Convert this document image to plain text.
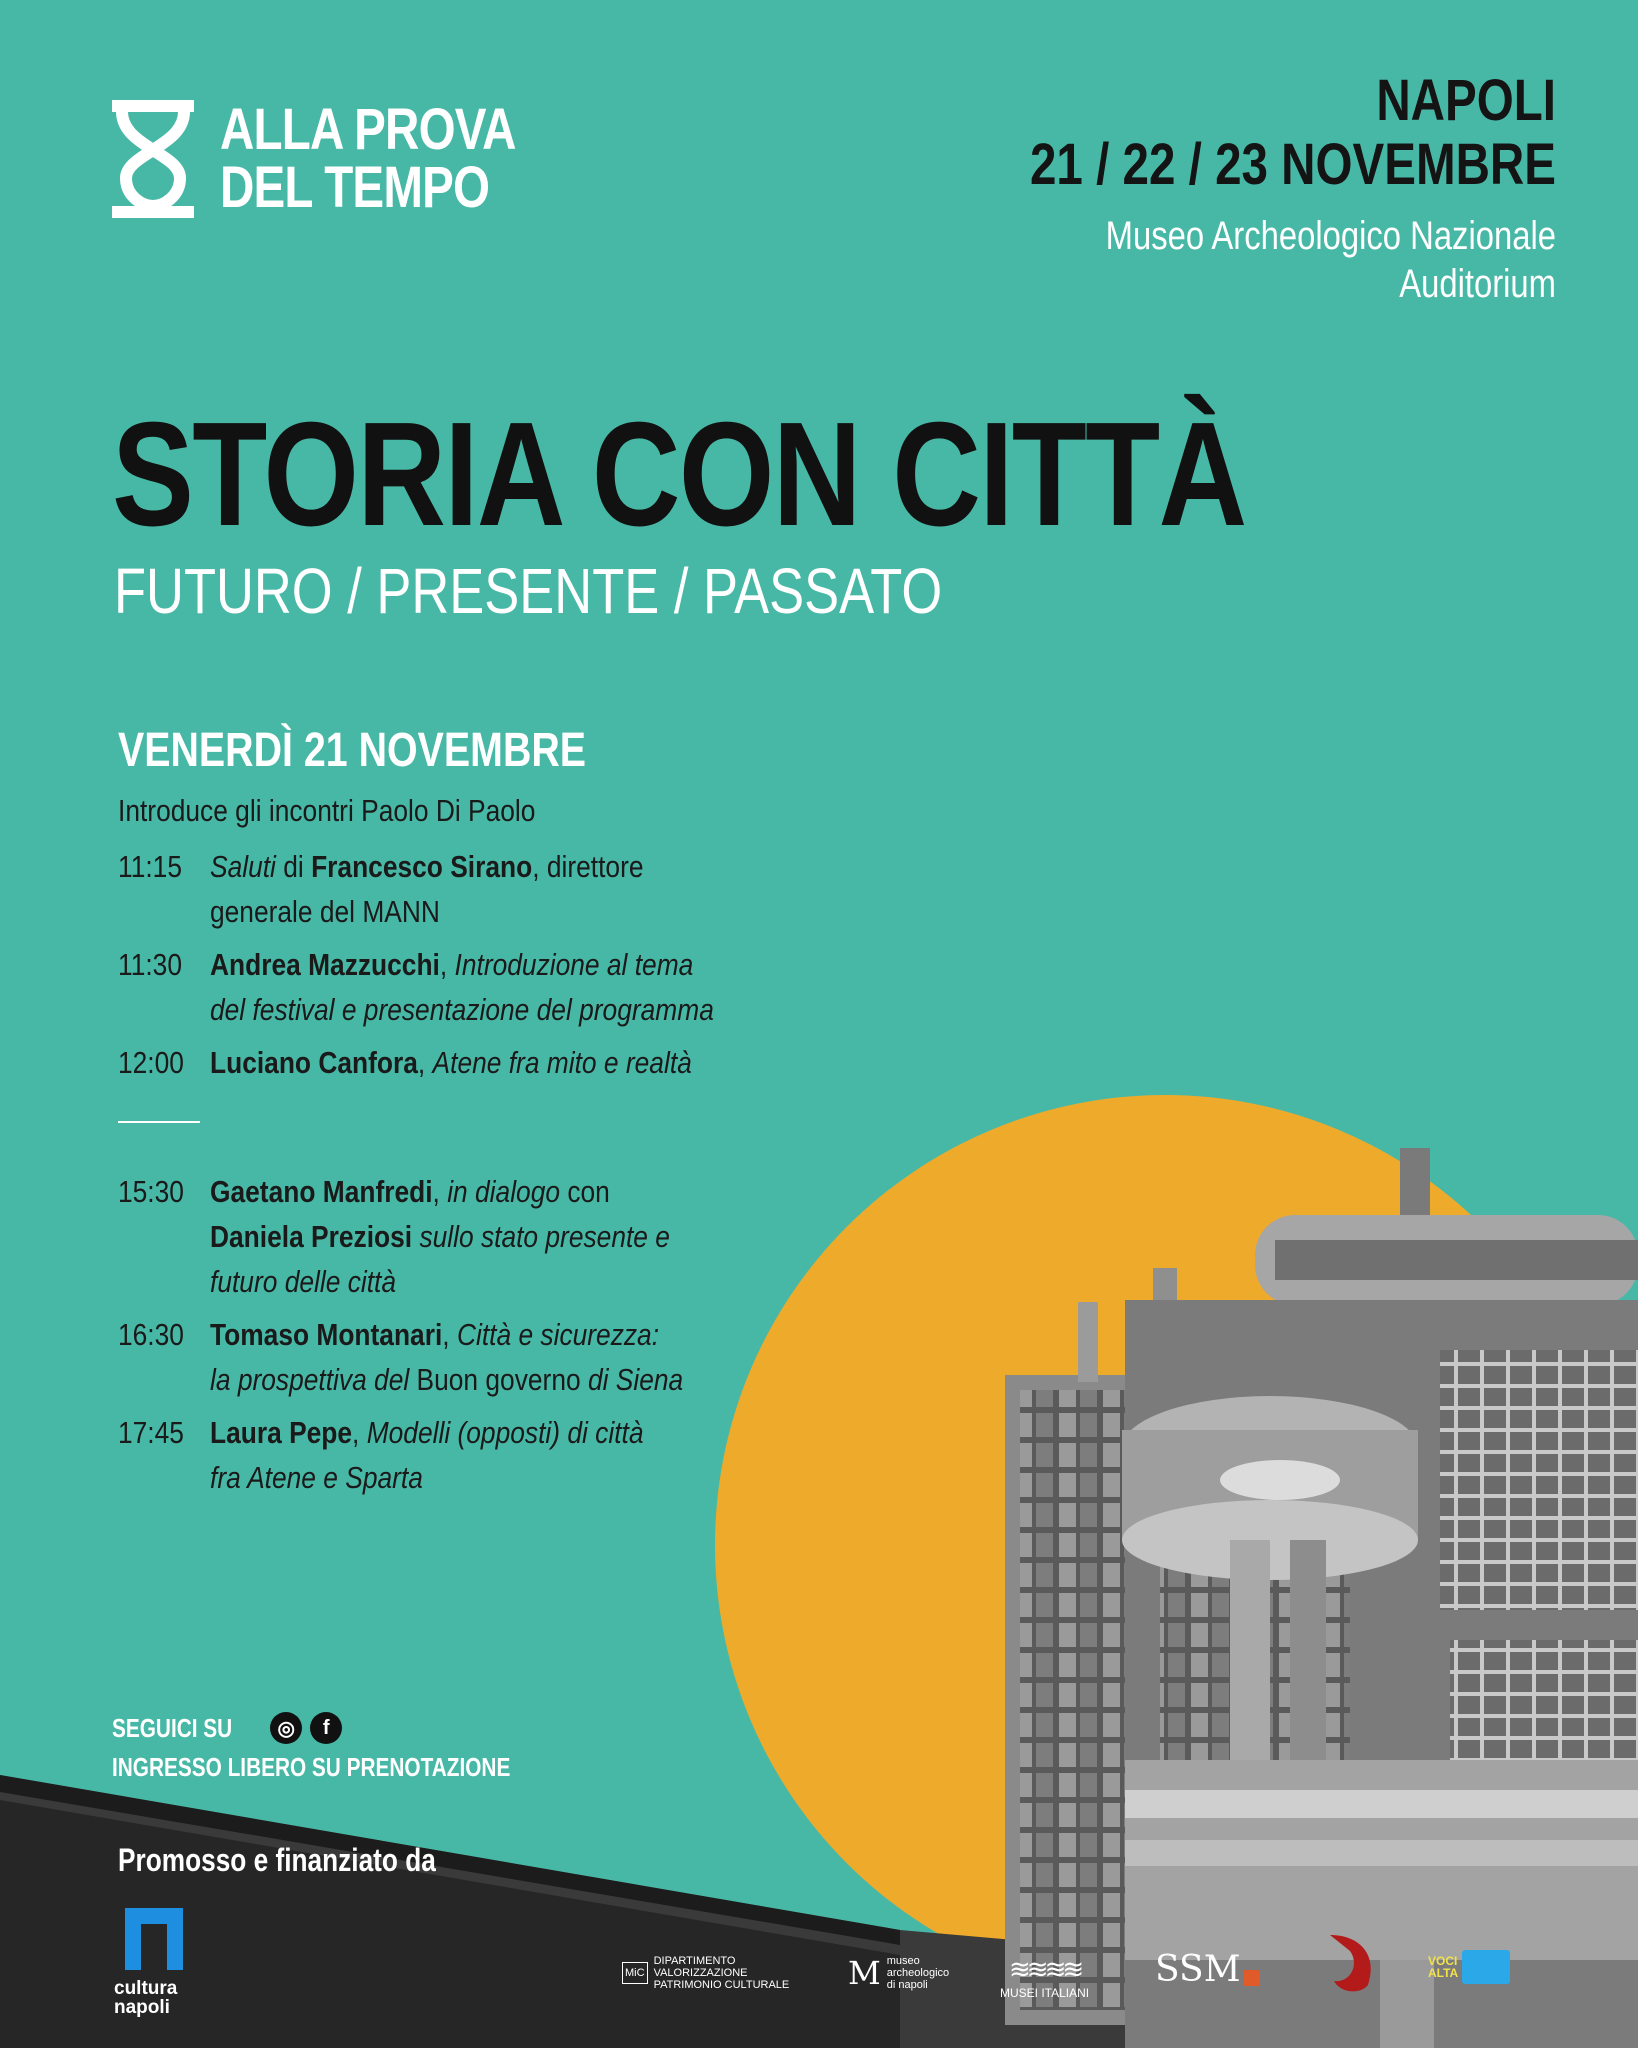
ALLA PROVA
DEL TEMPO
NAPOLI
21 / 22 / 23 NOVEMBRE
Museo Archeologico Nazionale
Auditorium
STORIA CON CITTÀ
FUTURO / PRESENTE / PASSATO
VENERDÌ 21 NOVEMBRE
Introduce gli incontri Paolo Di Paolo
11:15 Saluti di Francesco Sirano, direttore
generale del MANN
11:30 Andrea Mazzucchi, Introduzione al tema
del festival e presentazione del programma
12:00 Luciano Canfora, Atene fra mito e realtà
15:30 Gaetano Manfredi, in dialogo con
Daniela Preziosi sullo stato presente e
futuro delle città
16:30 Tomaso Montanari, Città e sicurezza:
la prospettiva del Buon governo di Siena
17:45 Laura Pepe, Modelli (opposti) di città
fra Atene e Sparta
SEGUICI SU	◎	f
INGRESSO LIBERO SU PRENOTAZIONE
Promosso e finanziato da
cultura
napoli
MiC
DIPARTIMENTO
VALORIZZAZIONE
PATRIMONIO CULTURALE M museo
archeologico
di napoli
≋≋≋≋
MUSEI ITALIANI
SSM	VOCI
ALTA
